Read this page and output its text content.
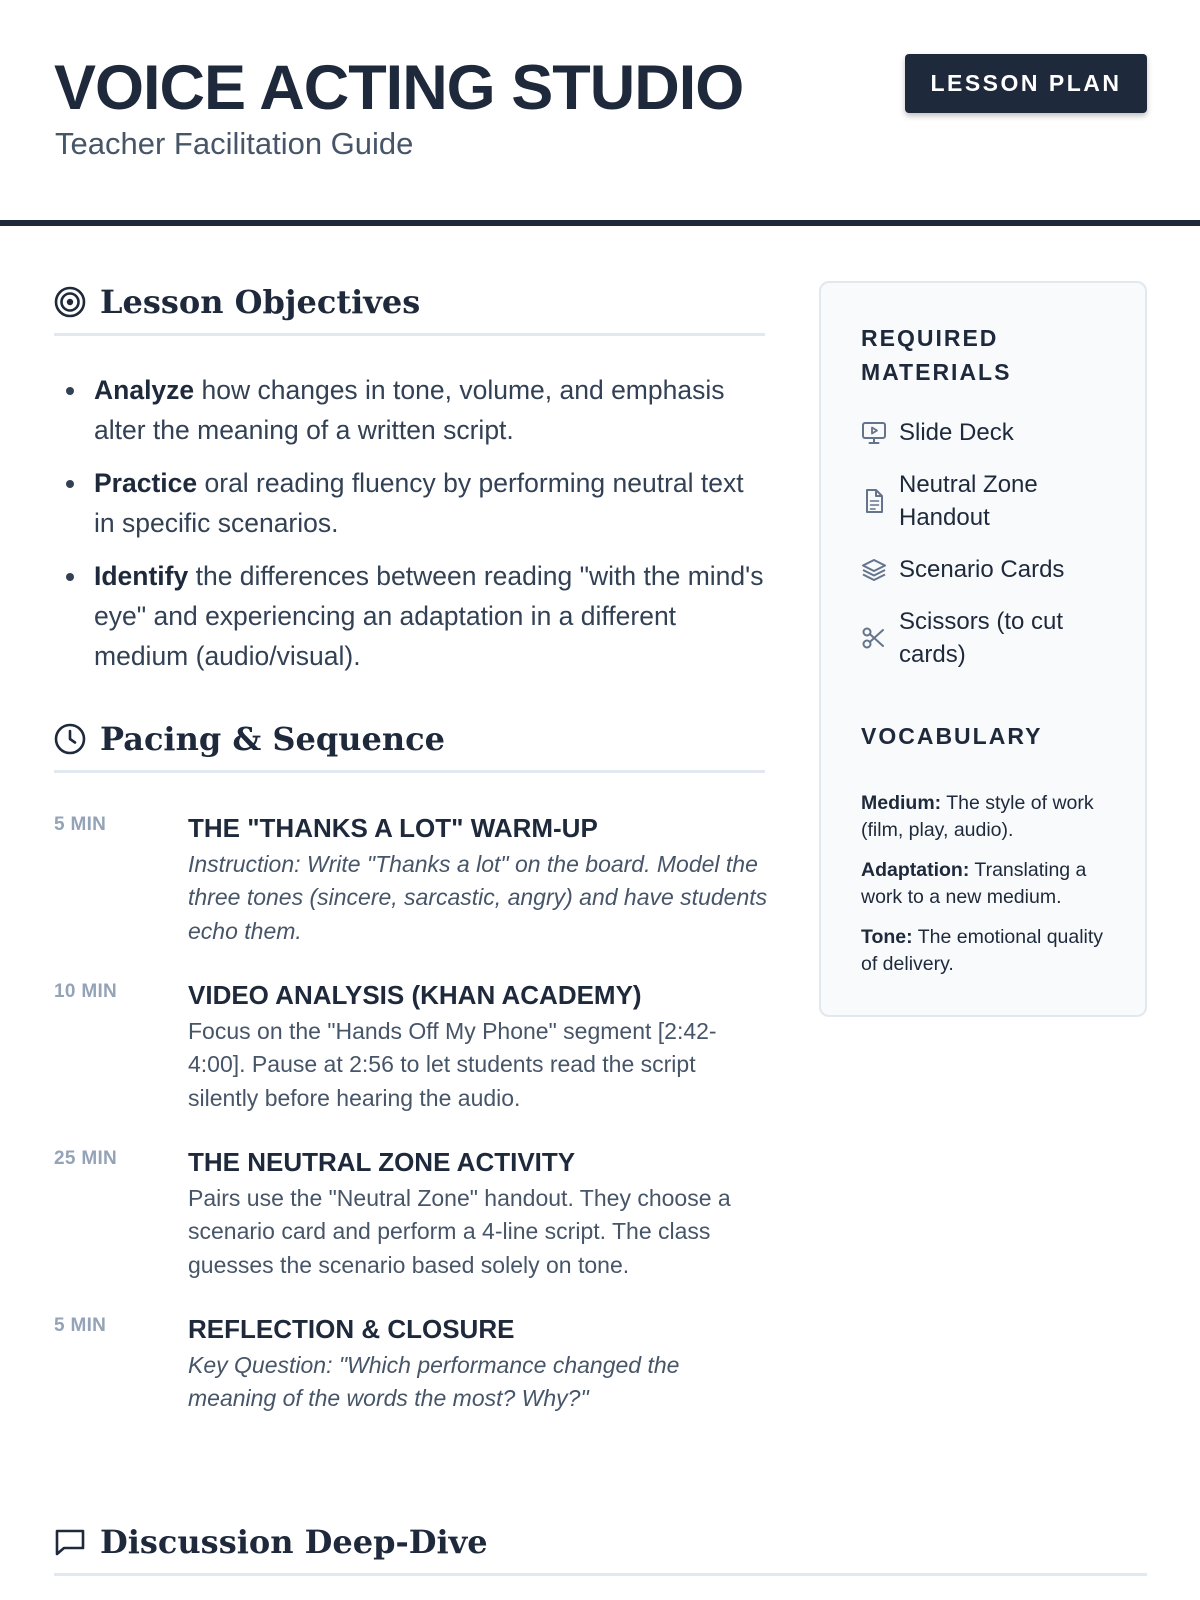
VOICE ACTING STUDIO
Teacher Facilitation Guide
LESSON PLAN
Lesson Objectives
Analyze how changes in tone, volume, and emphasis alter the meaning of a written script.
Practice oral reading fluency by performing neutral text in specific scenarios.
Identify the differences between reading "with the mind's eye" and experiencing an adaptation in a different medium (audio/visual).
Pacing & Sequence
5 MIN	THE "THANKS A LOT" WARM-UP
Instruction: Write "Thanks a lot" on the board. Model the three tones (sincere, sarcastic, angry) and have students echo them.
10 MIN	VIDEO ANALYSIS (KHAN ACADEMY)
Focus on the "Hands Off My Phone" segment [2:42-4:00]. Pause at 2:56 to let students read the script silently before hearing the audio.
25 MIN	THE NEUTRAL ZONE ACTIVITY
Pairs use the "Neutral Zone" handout. They choose a scenario card and perform a 4-line script. The class guesses the scenario based solely on tone.
5 MIN	REFLECTION & CLOSURE
Key Question: "Which performance changed the meaning of the words the most? Why?"
Discussion Deep-Dive
REQUIRED MATERIALS
Slide Deck
Neutral Zone Handout
Scenario Cards
Scissors (to cut cards)
VOCABULARY
Medium: The style of work (film, play, audio).
Adaptation: Translating a work to a new medium.
Tone: The emotional quality of delivery.
